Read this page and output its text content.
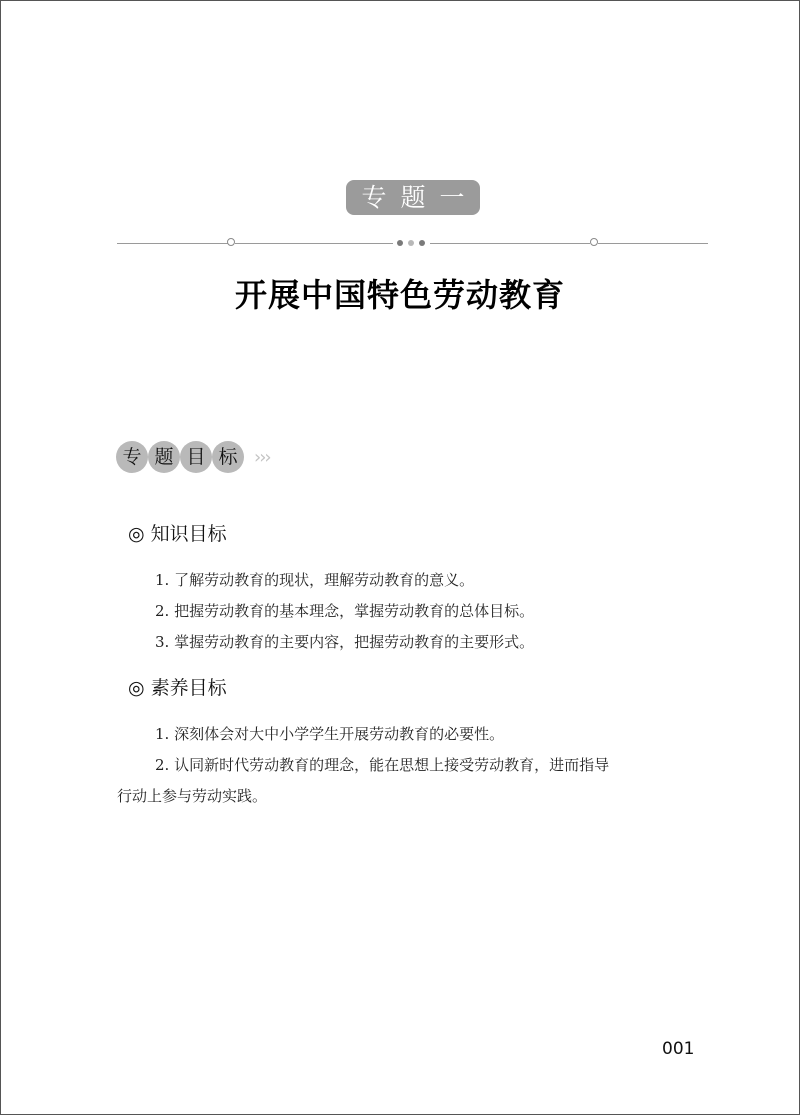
专题一
开展中国特色劳动教育
专 题 目 标 ›››
◎ 知识目标
1. 了解劳动教育的现状，理解劳动教育的意义。
2. 把握劳动教育的基本理念，掌握劳动教育的总体目标。
3. 掌握劳动教育的主要内容，把握劳动教育的主要形式。
◎ 素养目标
1. 深刻体会对大中小学学生开展劳动教育的必要性。
2. 认同新时代劳动教育的理念，能在思想上接受劳动教育，进而指导
行动上参与劳动实践。
001
